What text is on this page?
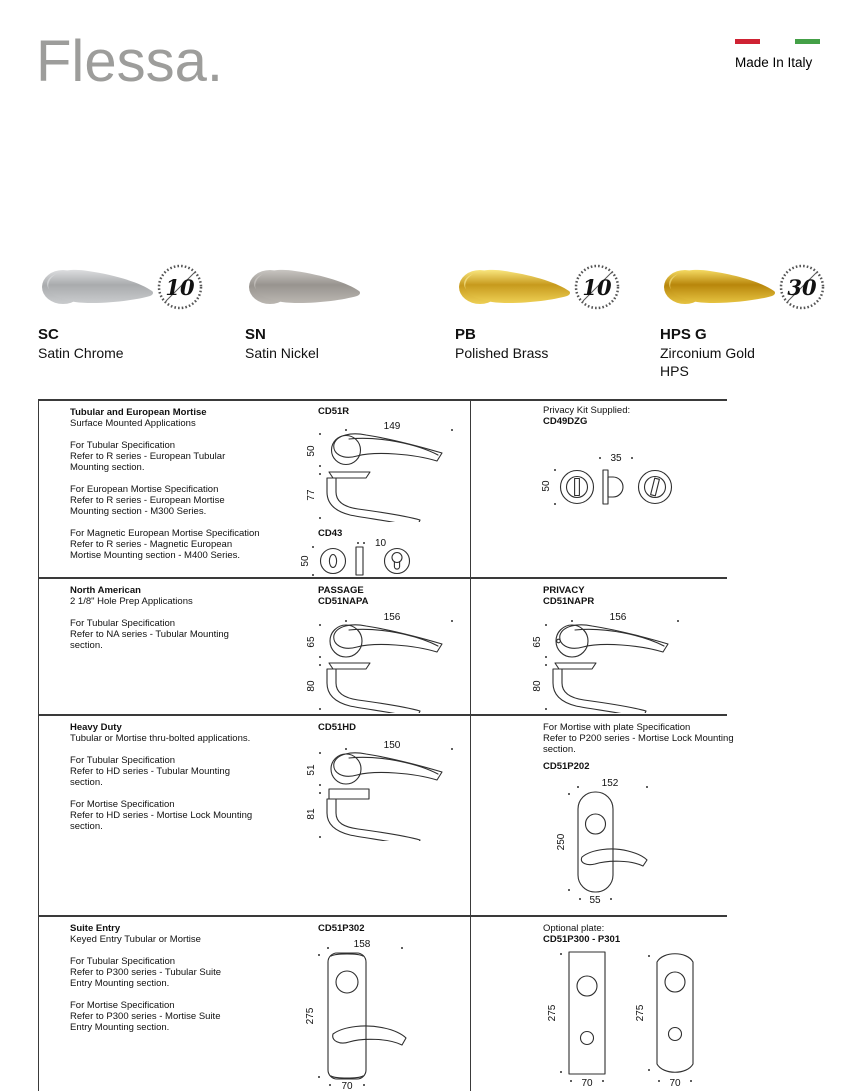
Flessa.	Made In Italy
10
SC
Satin Chrome
SN
Satin Nickel
10
PB
Polished Brass
30
HPS G
Zirconium Gold
HPS
Tubular and European Mortise
Surface Mounted Applications
For Tubular Specification
Refer to R series - European Tubular
Mounting section.
For European Mortise Specification
Refer to R series - European Mortise
Mounting section - M300 Series.
For Magnetic European Mortise Specification
Refer to R series - Magnetic European
Mortise Mounting section - M400 Series.
CD51R
149
50
77
CD43
50
10
Privacy Kit Supplied:
CD49DZG
35
50
North American
2 1/8" Hole Prep Applications
For Tubular Specification
Refer to NA series - Tubular Mounting
section.
PASSAGE
CD51NAPA
156
65
80
PRIVACY
CD51NAPR
156
65
80
Heavy Duty
Tubular or Mortise thru-bolted applications.
For Tubular Specification
Refer to HD series - Tubular Mounting
section.
For Mortise Specification
Refer to HD series - Mortise Lock Mounting
section.
CD51HD
150
51
81
For Mortise with plate Specification
Refer to P200 series - Mortise Lock Mounting
section.
CD51P202
152
250
55
Suite Entry
Keyed Entry Tubular or Mortise
For Tubular Specification
Refer to P300 series - Tubular Suite
Entry Mounting section.
For Mortise Specification
Refer to P300 series - Mortise Suite
Entry Mounting section.
CD51P302
158
275
70
Optional plate:
CD51P300 - P301
275
70
275
70
